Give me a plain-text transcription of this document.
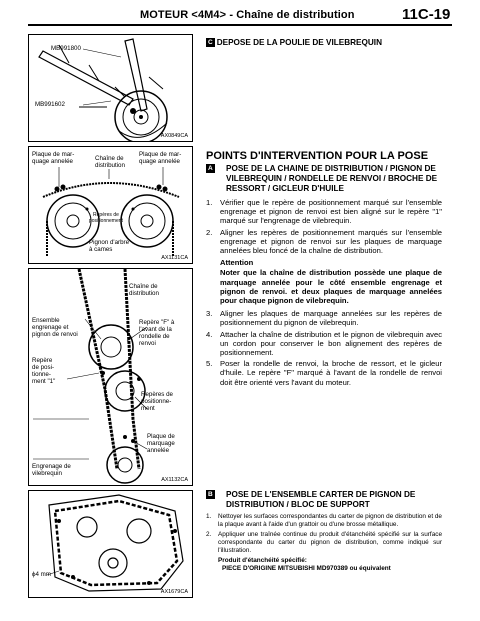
MOTEUR <4M4> - Chaîne de distribution	11C-19
MB991800
MB991602
AX0849CA
Plaque de mar-
quage annelée	Chaîne de
distribution
Plaque de mar-
quage annelée
Repères de
positionnement
Pignon d'arbre
à cames
AX1131CA
Chaîne de
distribution
Ensemble
engrenage et
pignon de renvoi
Repère "F" à
l'avant de la
rondelle de
renvoi
Repère
de posi-
tionne-
ment "1"
Repères de
positionne-
ment
Plaque de
marquage
annelée
Engrenage de
vilebrequin
AX1132CA
ϕ4 mm
AX1679CA
C DEPOSE DE LA POULIE DE VILEBREQUIN
POINTS D'INTERVENTION POUR LA POSE
A	POSE DE LA CHAINE DE DISTRIBUTION / PIGNON DE VILEBREQUIN / RONDELLE DE RENVOI / BROCHE DE RESSORT / GICLEUR D'HUILE
1. Vérifier que le repère de positionnement marqué sur l'ensemble engrenage et pignon de renvoi est bien aligné sur le repère "1" marqué sur l'engrenage de vilebrequin.
2. Aligner les repères de positionnement marqués sur l'ensemble engrenage et pignon de renvoi sur les plaques de marquage annelées bleu foncé de la chaîne de distribution.
Attention
Noter que la chaîne de distribution possède une plaque de marquage annelée pour le côté ensemble engrenage et pignon de renvoi. et deux plaques de marquage annelées pour chaque pignon de vilebrequin.
3. Aligner les plaques de marquage annelées sur les repères de positionnement du pignon de vilebrequin.
4. Attacher la chaîne de distribution et le pignon de vilebrequin avec un cordon pour conserver le bon alignement des repères de positionnement.
5. Poser la rondelle de renvoi, la broche de ressort, et le gicleur d'huile. Le repère "F" marqué à l'avant de la rondelle de renvoi doit être orienté vers l'avant du moteur.
B	POSE DE L'ENSEMBLE CARTER DE PIGNON DE DISTRIBUTION / BLOC DE SUPPORT
1. Nettoyer les surfaces correspondantes du carter de pignon de distribution et de la plaque avant à l'aide d'un grattoir ou d'une brosse métallique.
2. Appliquer une traînée continue du produit d'étanchéité spécifié sur la surface correspondante du carter du pignon de distribution, comme indiqué sur l'illustration.
Produit d'étanchéité spécifié:
PIECE D'ORIGINE MITSUBISHI MD970389 ou équivalent
